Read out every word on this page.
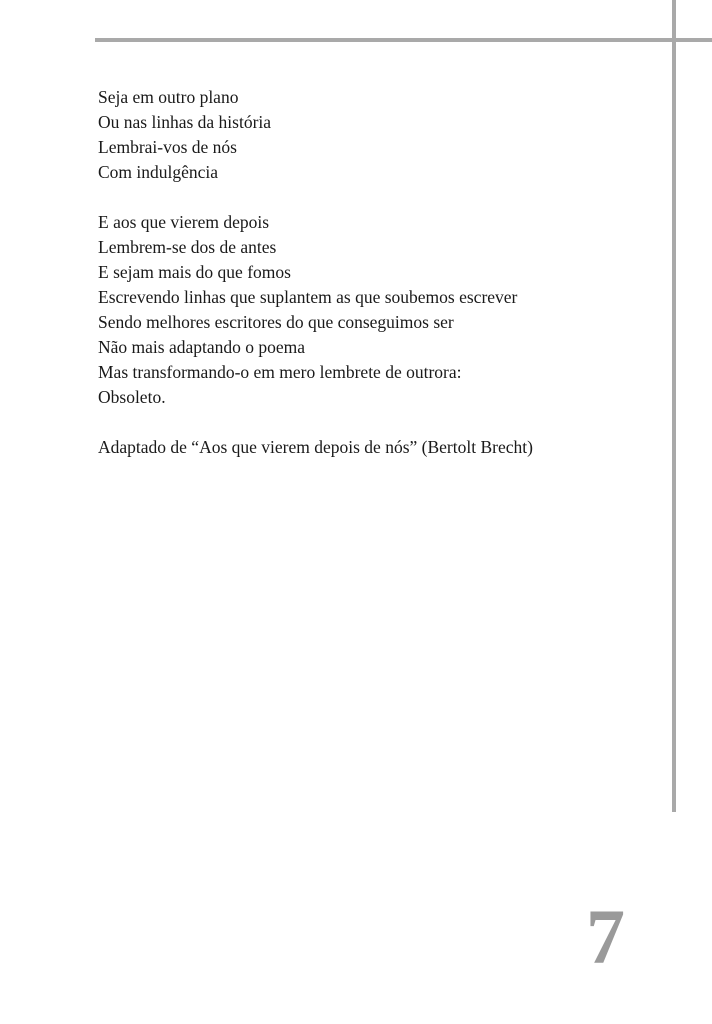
Seja em outro plano
Ou nas linhas da história
Lembrai-vos de nós
Com indulgência
E aos que vierem depois
Lembrem-se dos de antes
E sejam mais do que fomos
Escrevendo linhas que suplantem as que soubemos escrever
Sendo melhores escritores do que conseguimos ser
Não mais adaptando o poema
Mas transformando-o em mero lembrete de outrora:
Obsoleto.
Adaptado de “Aos que vierem depois de nós” (Bertolt Brecht)
7
